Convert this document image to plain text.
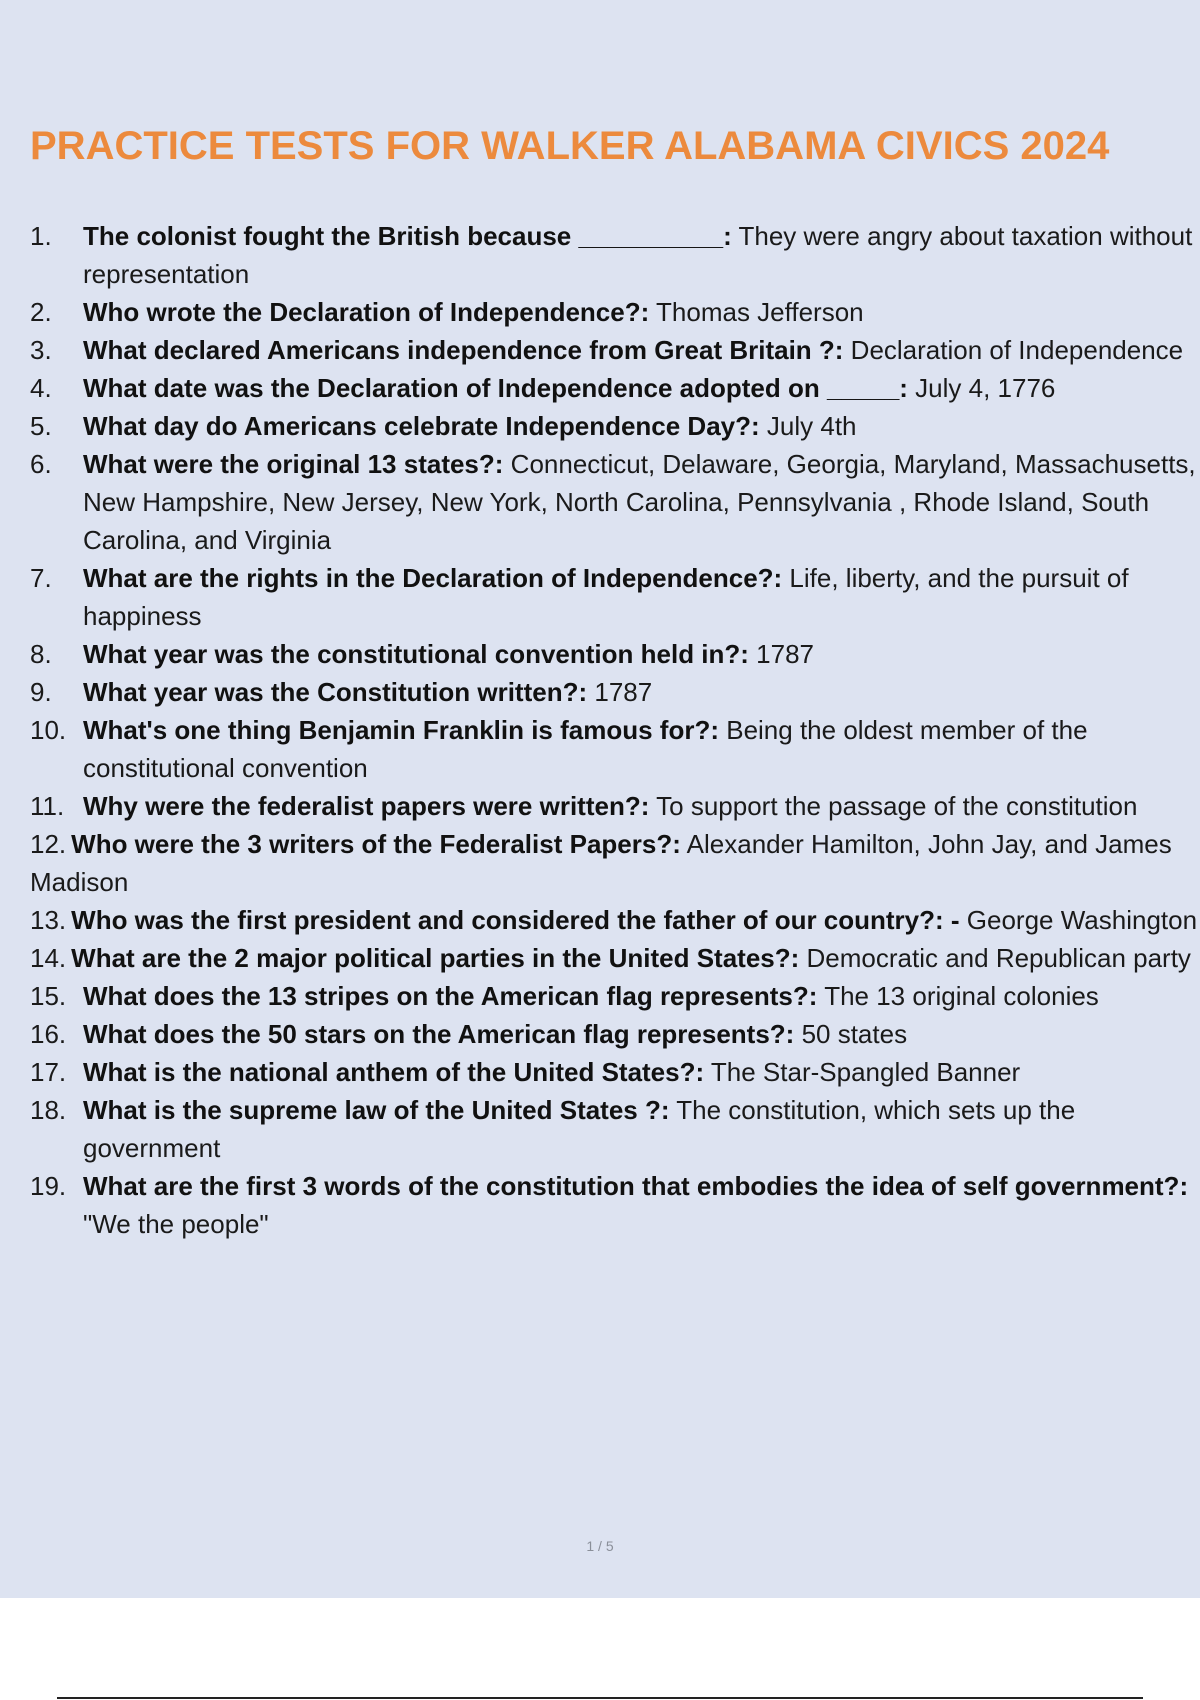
PRACTICE TESTS FOR WALKER ALABAMA CIVICS 2024
1. The colonist fought the British because __________: They were angry about taxation without representation
2. Who wrote the Declaration of Independence?: Thomas Jefferson
3. What declared Americans independence from Great Britain ?: Declaration of Independence
4. What date was the Declaration of Independence adopted on _____: July 4, 1776
5. What day do Americans celebrate Independence Day?: July 4th
6. What were the original 13 states?: Connecticut, Delaware, Georgia, Maryland, Massachusetts, New Hampshire, New Jersey, New York, North Carolina, Pennsylvania , Rhode Island, South Carolina, and Virginia
7. What are the rights in the Declaration of Independence?: Life, liberty, and the pursuit of happiness
8. What year was the constitutional convention held in?: 1787
9. What year was the Constitution written?: 1787
10. What's one thing Benjamin Franklin is famous for?: Being the oldest member of the constitutional convention
11. Why were the federalist papers were written?: To support the passage of the constitution
12. Who were the 3 writers of the Federalist Papers?: Alexander Hamilton, John Jay, and James Madison
13. Who was the first president and considered the father of our country?: - George Washington
14. What are the 2 major political parties in the United States?: Democratic and Republican party
15. What does the 13 stripes on the American flag represents?: The 13 original colonies
16. What does the 50 stars on the American flag represents?: 50 states
17. What is the national anthem of the United States?: The Star-Spangled Banner
18. What is the supreme law of the United States ?: The constitution, which sets up the government
19. What are the first 3 words of the constitution that embodies the idea of self government?: "We the people"
1 / 5
